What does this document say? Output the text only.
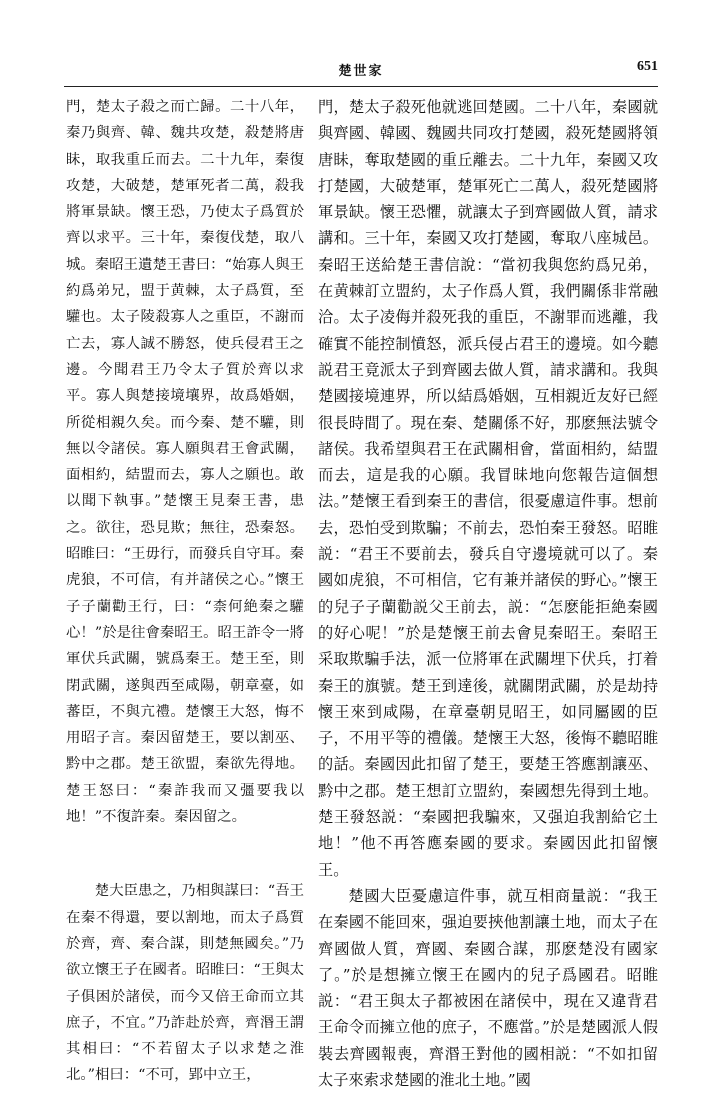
楚世家	651

門，楚太子殺之而亡歸。二十八年，秦乃與齊、韓、魏共攻楚，殺楚將唐眛，取我重丘而去。二十九年，秦復攻楚，大破楚，楚軍死者二萬，殺我將軍景缺。懷王恐，乃使太子爲質於齊以求平。三十年，秦復伐楚，取八城。秦昭王遺楚王書曰：“始寡人與王約爲弟兄，盟于黄棘，太子爲質，至驩也。太子陵殺寡人之重臣，不謝而亡去，寡人誠不勝怒，使兵侵君王之邊。今聞君王乃令太子質於齊以求平。寡人與楚接境壤界，故爲婚姻，所從相親久矣。而今秦、楚不驩，則無以令諸侯。寡人願與君王會武關，面相約，結盟而去，寡人之願也。敢以聞下執事。”楚懷王見秦王書，患之。欲往，恐見欺；無往，恐秦怒。昭睢曰：“王毋行，而發兵自守耳。秦虎狼，不可信，有并諸侯之心。”懷王子子蘭勸王行，曰：“柰何絶秦之驩心！”於是往會秦昭王。昭王詐令一將軍伏兵武關，號爲秦王。楚王至，則閉武關，遂與西至咸陽，朝章臺，如蕃臣，不與亢禮。楚懷王大怒，悔不用昭子言。秦因留楚王，要以割巫、黔中之郡。楚王欲盟，秦欲先得地。楚王怒曰：“秦詐我而又彊要我以地！”不復許秦。秦因留之。

楚大臣患之，乃相與謀曰：“吾王在秦不得還，要以割地，而太子爲質於齊，齊、秦合謀，則楚無國矣。”乃欲立懷王子在國者。昭睢曰：“王與太子俱困於諸侯，而今又倍王命而立其庶子，不宜。”乃詐赴於齊，齊湣王謂其相曰：“不若留太子以求楚之淮北。”相曰：“不可，郢中立王，

門，楚太子殺死他就逃回楚國。二十八年，秦國就與齊國、韓國、魏國共同攻打楚國，殺死楚國將領唐眛，奪取楚國的重丘離去。二十九年，秦國又攻打楚國，大破楚軍，楚軍死亡二萬人，殺死楚國將軍景缺。懷王恐懼，就讓太子到齊國做人質，請求講和。三十年，秦國又攻打楚國，奪取八座城邑。秦昭王送給楚王書信說：“當初我與您約爲兄弟，在黄棘訂立盟約，太子作爲人質，我們關係非常融洽。太子凌侮并殺死我的重臣，不謝罪而逃離，我確實不能控制憤怒，派兵侵占君王的邊境。如今聽説君王竟派太子到齊國去做人質，請求講和。我與楚國接境連界，所以結爲婚姻，互相親近友好已經很長時間了。現在秦、楚關係不好，那麽無法號令諸侯。我希望與君王在武關相會，當面相約，結盟而去，這是我的心願。我冒昧地向您報告這個想法。”楚懷王看到秦王的書信，很憂慮這件事。想前去，恐怕受到欺騙；不前去，恐怕秦王發怒。昭睢説：“君王不要前去，發兵自守邊境就可以了。秦國如虎狼，不可相信，它有兼并諸侯的野心。”懷王的兒子子蘭勸説父王前去，説：“怎麽能拒絶秦國的好心呢！”於是楚懷王前去會見秦昭王。秦昭王采取欺騙手法，派一位將軍在武關埋下伏兵，打着秦王的旗號。楚王到達後，就關閉武關，於是劫持懷王來到咸陽，在章臺朝見昭王，如同屬國的臣子，不用平等的禮儀。楚懷王大怒，後悔不聽昭睢的話。秦國因此扣留了楚王，要楚王答應割讓巫、黔中之郡。楚王想訂立盟約，秦國想先得到土地。楚王發怒説：“秦國把我騙來，又强迫我割給它土地！”他不再答應秦國的要求。秦國因此扣留懷王。

楚國大臣憂慮這件事，就互相商量説：“我王在秦國不能回來，强迫要挾他割讓土地，而太子在齊國做人質，齊國、秦國合謀，那麽楚没有國家了。”於是想擁立懷王在國内的兒子爲國君。昭睢説：“君王與太子都被困在諸侯中，現在又違背君王命令而擁立他的庶子，不應當。”於是楚國派人假裝去齊國報喪，齊湣王對他的國相説：“不如扣留太子來索求楚國的淮北土地。”國
